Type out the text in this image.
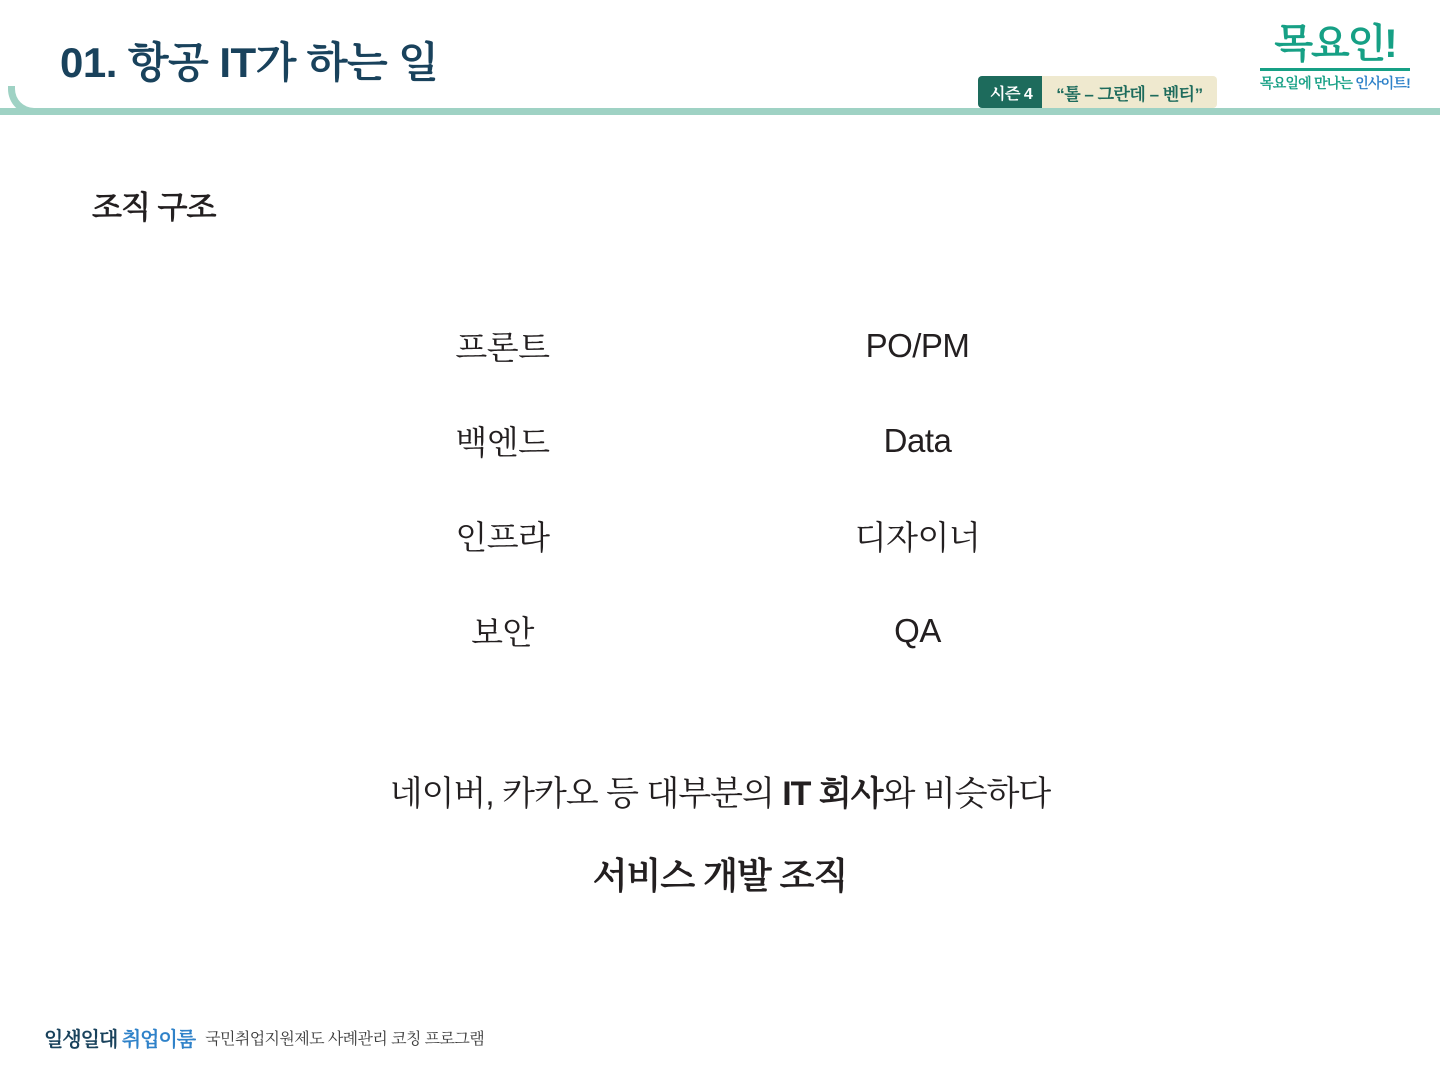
01. 항공 IT가 하는 일
시즌 4	“톨 – 그란데 – 벤티”
목요인!
목요일에 만나는 인사이트!
조직 구조
프론트	PO/PM
백엔드	Data
인프라	디자이너
보안	QA
네이버, 카카오 등 대부분의 IT 회사와 비슷하다
서비스 개발 조직
일생일대 취업이룸 국민취업지원제도 사례관리 코칭 프로그램
